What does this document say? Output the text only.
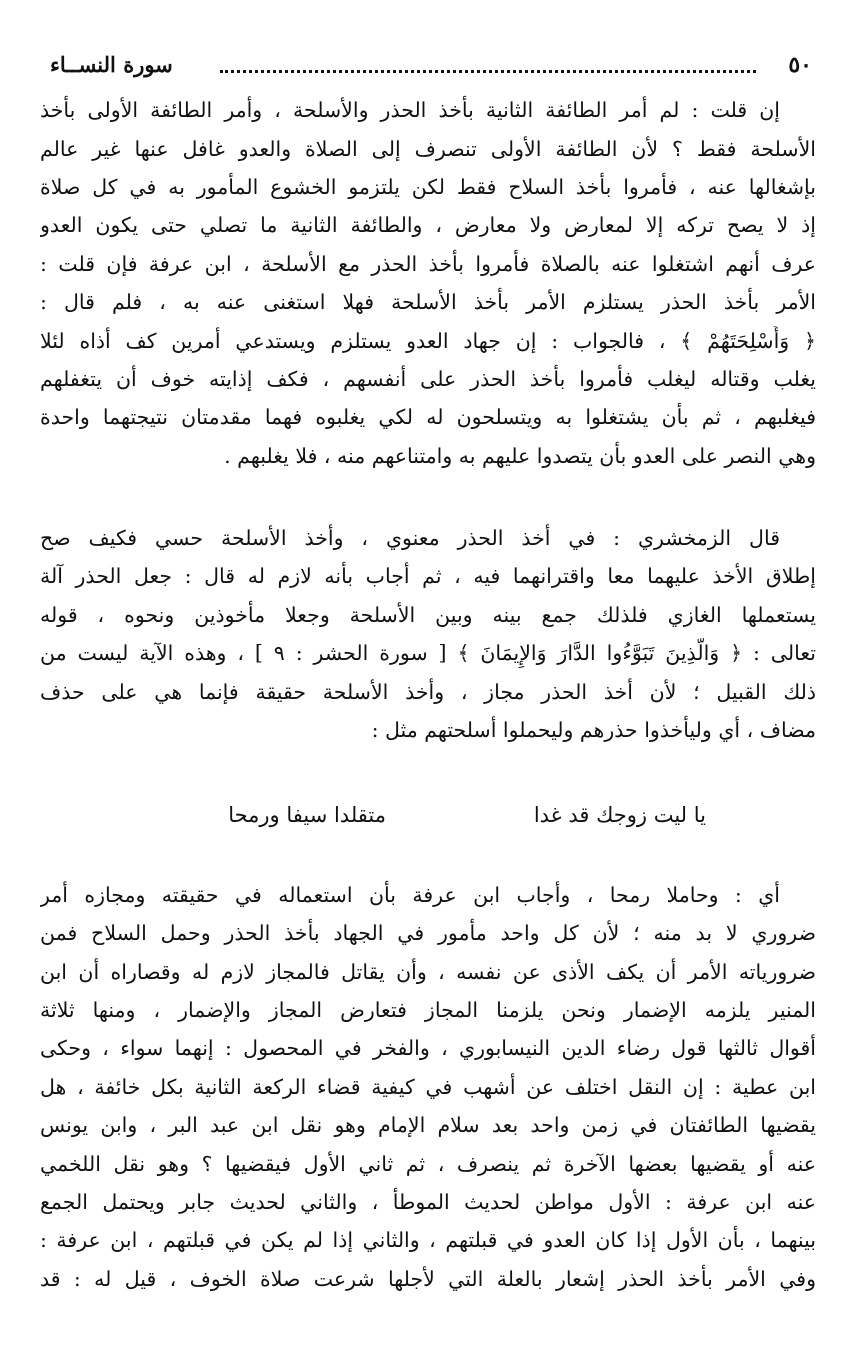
٥٠
سورة النســاء
إن قلت : لم أمر الطائفة الثانية بأخذ الحذر والأسلحة ، وأمر الطائفة الأولى بأخذ
الأسلحة فقط ؟ لأن الطائفة الأولى تنصرف إلى الصلاة والعدو غافل عنها غير عالم
بإشغالها عنه ، فأمروا بأخذ السلاح فقط لكن يلتزمو الخشوع المأمور به في كل صلاة
إذ لا يصح تركه إلا لمعارض ولا معارض ، والطائفة الثانية ما تصلي حتى يكون العدو
عرف أنهم اشتغلوا عنه بالصلاة فأمروا بأخذ الحذر مع الأسلحة ، ابن عرفة فإن قلت :
الأمر بأخذ الحذر يستلزم الأمر بأخذ الأسلحة فهلا استغنى عنه به ، فلم قال :
﴿ وَأَسْلِحَتَهُمْ ﴾ ، فالجواب : إن جهاد العدو يستلزم ويستدعي أمرين كف أذاه لئلا
يغلب وقتاله ليغلب فأمروا بأخذ الحذر على أنفسهم ، فكف إذايته خوف أن يتغفلهم
فيغلبهم ، ثم بأن يشتغلوا به ويتسلحون له لكي يغلبوه فهما مقدمتان نتيجتهما واحدة
وهي النصر على العدو بأن يتصدوا عليهم به وامتناعهم منه ، فلا يغلبهم .
قال الزمخشري : في أخذ الحذر معنوي ، وأخذ الأسلحة حسي فكيف صح
إطلاق الأخذ عليهما معا واقترانهما فيه ، ثم أجاب بأنه لازم له قال : جعل الحذر آلة
يستعملها الغازي فلذلك جمع بينه وبين الأسلحة وجعلا مأخوذين ونحوه ، قوله
تعالى : ﴿ وَالَّذِينَ تَبَوَّءُوا الدَّارَ وَالإِيمَانَ ﴾ [ سورة الحشر : ٩ ] ، وهذه الآية ليست من
ذلك القبيل ؛ لأن أخذ الحذر مجاز ، وأخذ الأسلحة حقيقة فإنما هي على حذف
مضاف ، أي وليأخذوا حذرهم وليحملوا أسلحتهم مثل :
يا ليت زوجك قد غدا
متقلدا سيفا ورمحا
أي : وحاملا رمحا ، وأجاب ابن عرفة بأن استعماله في حقيقته ومجازه أمر
ضروري لا بد منه ؛ لأن كل واحد مأمور في الجهاد بأخذ الحذر وحمل السلاح فمن
ضرورياته الأمر أن يكف الأذى عن نفسه ، وأن يقاتل فالمجاز لازم له وقصاراه أن ابن
المنير يلزمه الإضمار ونحن يلزمنا المجاز فتعارض المجاز والإضمار ، ومنها ثلاثة
أقوال ثالثها قول رضاء الدين النيسابوري ، والفخر في المحصول : إنهما سواء ، وحكى
ابن عطية : إن النقل اختلف عن أشهب في كيفية قضاء الركعة الثانية بكل خائفة ، هل
يقضيها الطائفتان في زمن واحد بعد سلام الإمام وهو نقل ابن عبد البر ، وابن يونس
عنه أو يقضيها بعضها الآخرة ثم ينصرف ، ثم ثاني الأول فيقضيها ؟ وهو نقل اللخمي
عنه ابن عرفة : الأول مواطن لحديث الموطأ ، والثاني لحديث جابر ويحتمل الجمع
بينهما ، بأن الأول إذا كان العدو في قبلتهم ، والثاني إذا لم يكن في قبلتهم ، ابن عرفة :
وفي الأمر بأخذ الحذر إشعار بالعلة التي لأجلها شرعت صلاة الخوف ، قيل له : قد
